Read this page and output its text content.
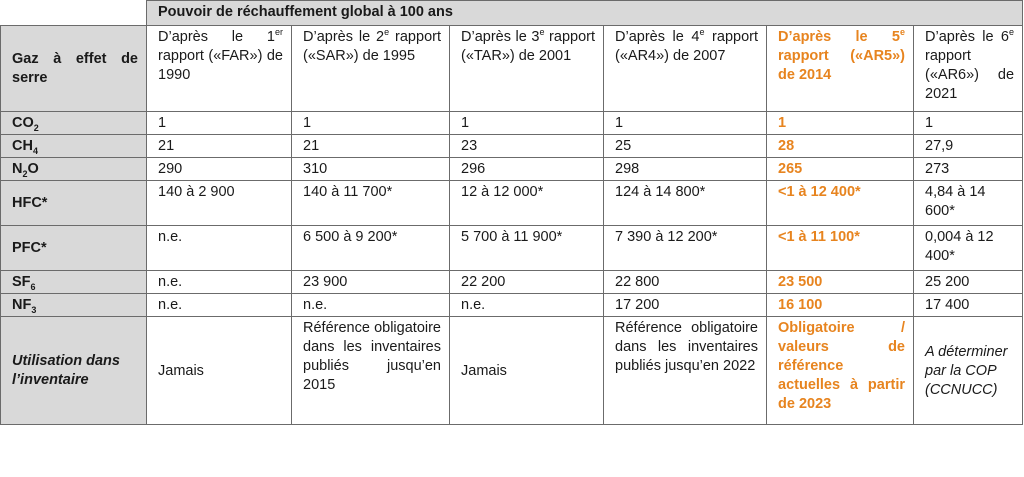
	Pouvoir de réchauffement global à 100 ans					
Gaz à effet de serre	D’après le 1er rapport («FAR») de 1990	D’après le 2e rapport («SAR») de 1995	D’après le 3e rapport («TAR») de 2001	D’après le 4e rapport («AR4») de 2007	D’après le 5e rapport («AR5») de 2014	D’après le 6e rapport («AR6») de 2021
$CO_2$	1	1	1	1	1	1
$CH_4$	21	21	23	25	28	27,9
$N_2O$	290	310	296	298	265	273
HFC*	140 à 2 900	140 à 11 700*	12 à 12 000*	124 à 14 800*	<1 à 12 400*	4,84 à 14 600*
PFC*	n.e.	6 500 à 9 200*	5 700 à 11 900*	7 390 à 12 200*	<1 à 11 100*	0,004 à 12 400*
$SF_6$	n.e.	23 900	22 200	22 800	23 500	25 200
$NF_3$	n.e.	n.e.	n.e.	17 200	16 100	17 400
Utilisation dans l’inventaire	Jamais	Référence obligatoire dans les inventaires publiés jusqu’en 2015	Jamais	Référence obligatoire dans les inventaires publiés jusqu’en 2022	Obligatoire / valeurs de référence actuelles à partir de 2023	A déterminer par la COP (CCNUCC)
